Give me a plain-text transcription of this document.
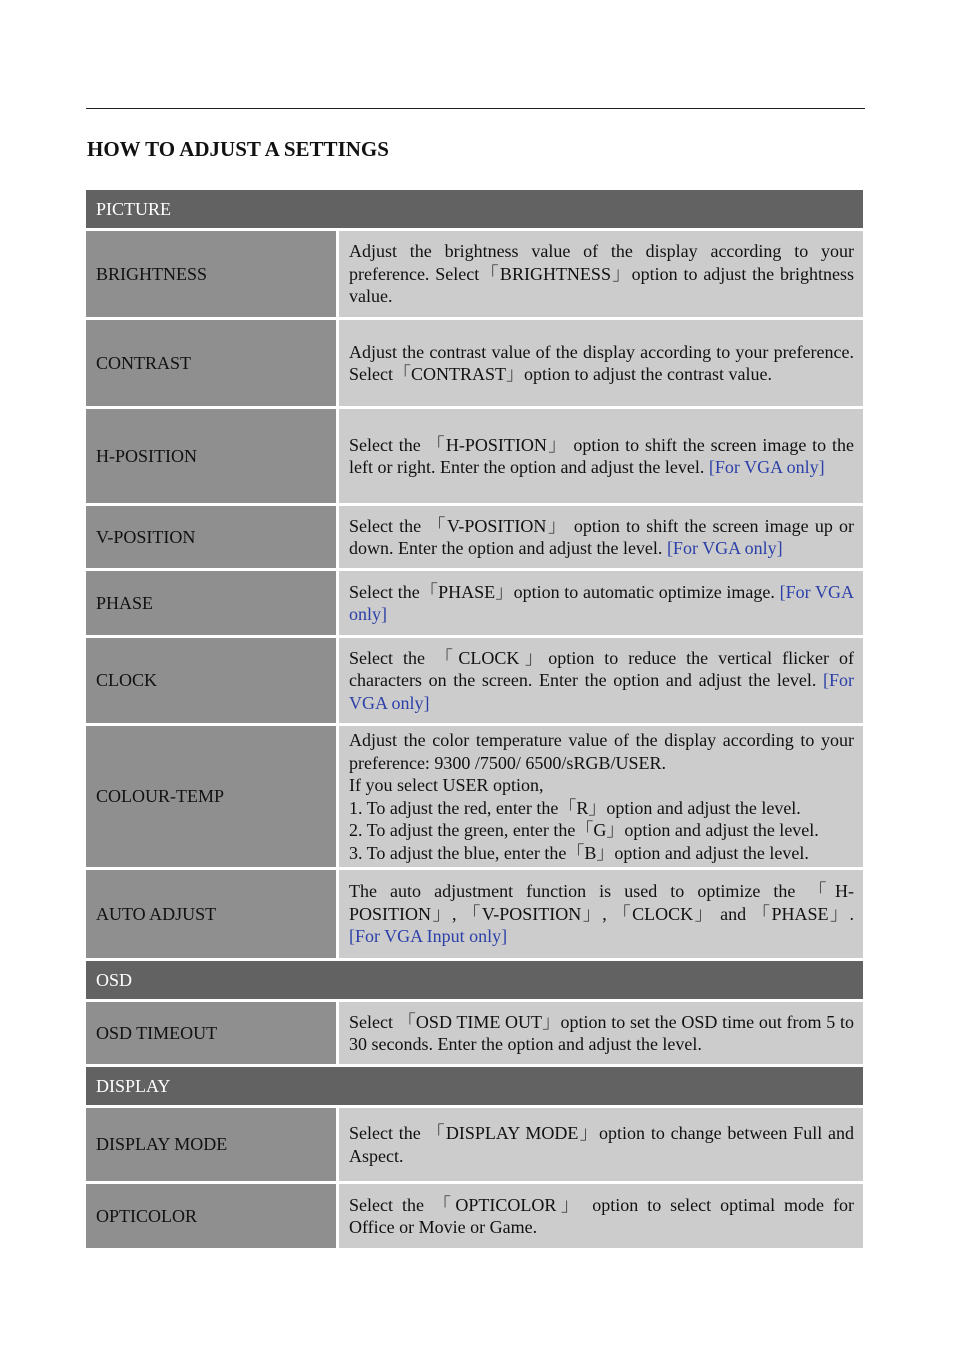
HOW TO ADJUST A SETTINGS
PICTURE
BRIGHTNESS

Adjust the brightness value of the display according to your preference. Select「BRIGHTNESS」option to adjust the brightness value.

CONTRAST

Adjust the contrast value of the display according to your preference. Select「CONTRAST」option to adjust the contrast value.

H-POSITION

Select the 「H-POSITION」 option to shift the screen image to the left or right. Enter the option and adjust the level. [For VGA only]

V-POSITION

Select the 「V-POSITION」 option to shift the screen image up or down. Enter the option and adjust the level. [For VGA only]

PHASE

Select the「PHASE」option to automatic optimize image. [For VGA only]

CLOCK

Select the 「CLOCK」option to reduce the vertical flicker of characters on the screen. Enter the option and adjust the level. [For VGA only]

COLOUR-TEMP

Adjust the color temperature value of the display according to your preference: 9300 /7500/ 6500/sRGB/USER.

If you select USER option,

1. To adjust the red, enter the「R」option and adjust the level.

2. To adjust the green, enter the「G」option and adjust the level.

3. To adjust the blue, enter the「B」option and adjust the level.

AUTO ADJUST

The auto adjustment function is used to optimize the 「H-POSITION」, 「V-POSITION」, 「CLOCK」 and 「PHASE」. [For VGA Input only]

OSD
OSD TIMEOUT

Select 「OSD TIME OUT」option to set the OSD time out from 5 to 30 seconds. Enter the option and adjust the level.

DISPLAY
DISPLAY MODE

Select the 「DISPLAY MODE」option to change between Full and Aspect.

OPTICOLOR

Select the 「OPTICOLOR」 option to select optimal mode for Office or Movie or Game.
